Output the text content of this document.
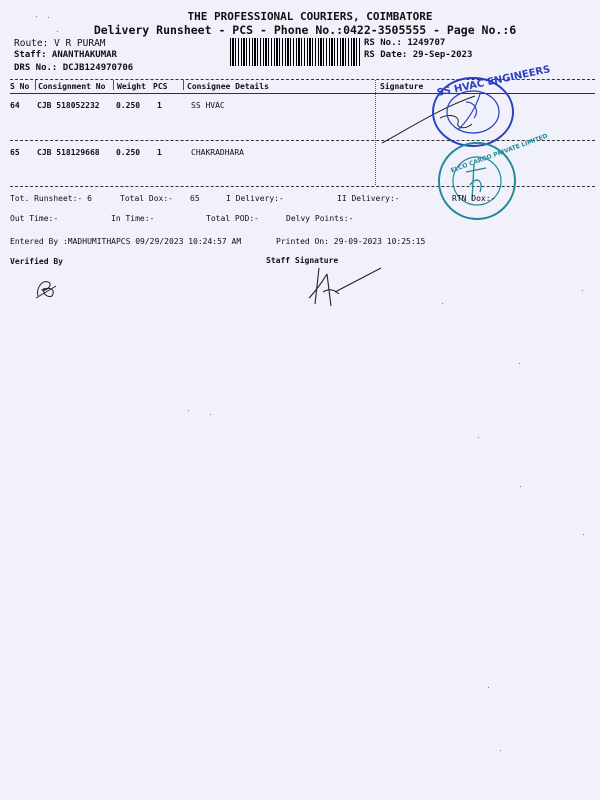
THE PROFESSIONAL COURIERS, COIMBATORE
Delivery Runsheet - PCS - Phone No.:0422-3505555 - Page No.:6
Route: V R PURAM
Staff: ANANTHAKUMAR
DRS No.: DCJB124970706
RS No.: 1249707
RS Date: 29-Sep-2023
S No Consignment No Weight PCS Consignee Details	Signature
64 CJB 518052232 0.250 1	SS HVAC
65 CJB 518129668 0.250 1	CHAKRADHARA
SS HVAC ENGINEERS
ELCO CARGO PRIVATE LIMITED
Tot. Runsheet:- 6	Total Dox:- 65	I Delivery:-	II Delivery:-	RTN Dox:-
Out Time:-	In Time:-	Total POD:-	Delvy Points:-
Entered By :MADHUMITHAPCS 09/29/2023 10:24:57 AM	Printed On: 29-09-2023 10:25:15
Verified By	Staff Signature
